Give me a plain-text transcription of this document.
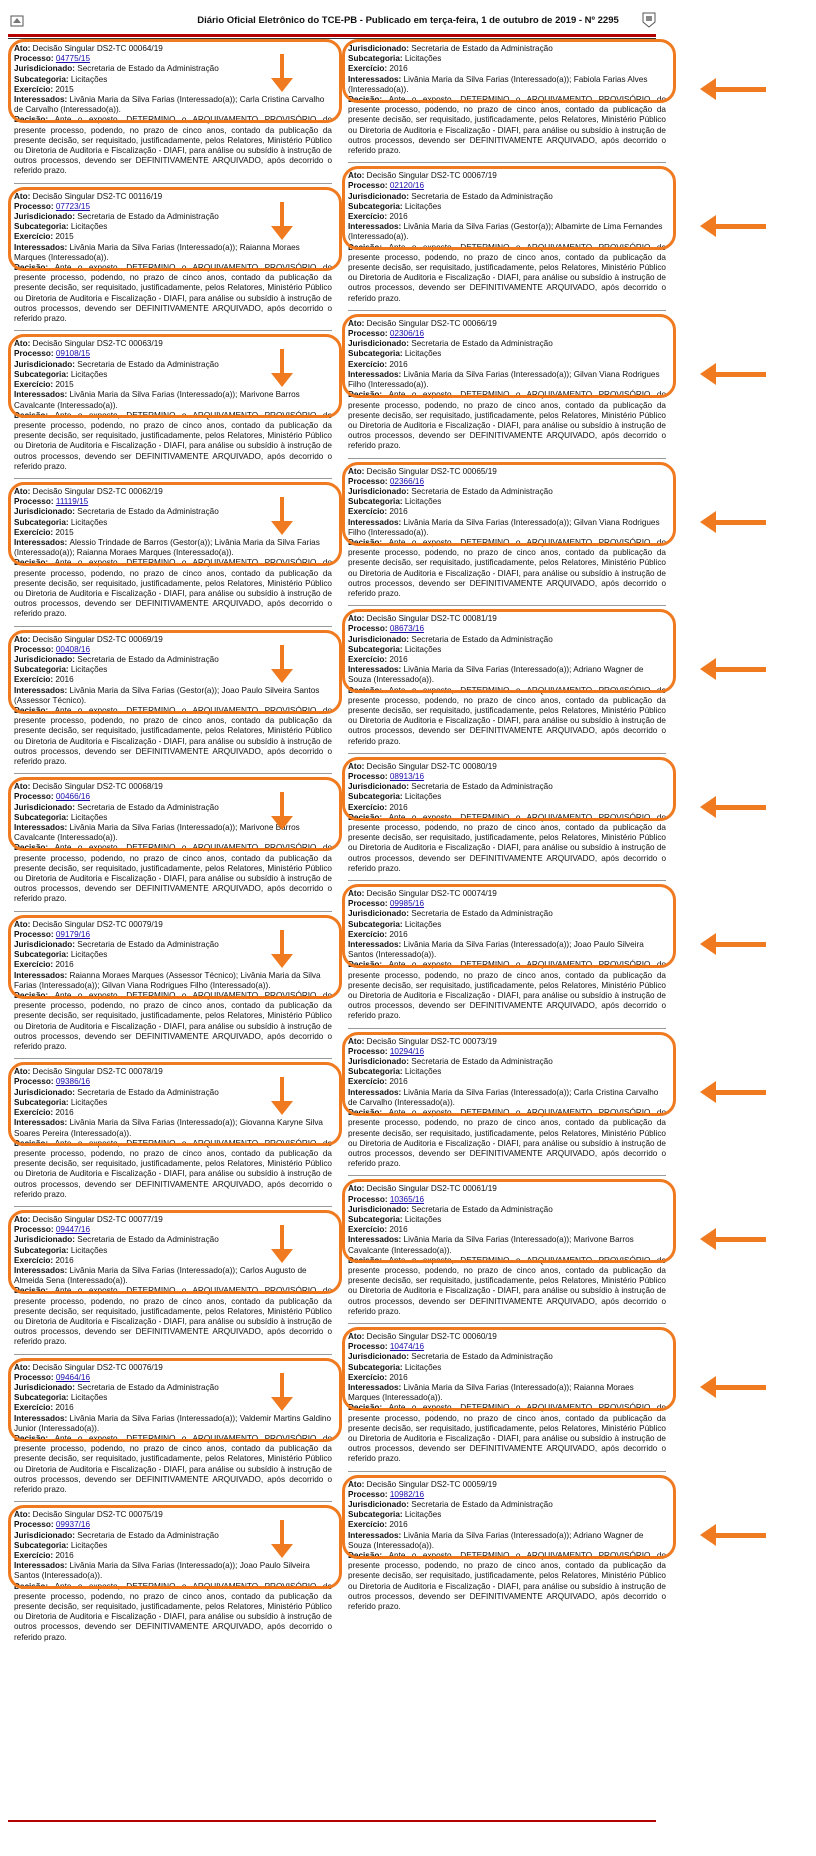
Diário Oficial Eletrônico do TCE-PB - Publicado em terça-feira, 1 de outubro de 2019 - Nº 2295
Ato: Decisão Singular DS2-TC 00064/19
Processo: 04775/15
Jurisdicionado: Secretaria de Estado da Administração
Subcategoria: Licitações
Exercício: 2015
Interessados: Livânia Maria da Silva Farias (Interessado(a)); Carla Cristina Carvalho de Carvalho (Interessado(a)).
Decisão: Ante o exposto, DETERMINO o ARQUIVAMENTO PROVISÓRIO do presente processo, podendo, no prazo de cinco anos, contado da publicação da presente decisão, ser requisitado, justificadamente, pelos Relatores, Ministério Público ou Diretoria de Auditoria e Fiscalização - DIAFI, para análise ou subsídio à instrução de outros processos, devendo ser DEFINITIVAMENTE ARQUIVADO, após decorrido o referido prazo.
Ato: Decisão Singular DS2-TC 00116/19
Processo: 07723/15
Jurisdicionado: Secretaria de Estado da Administração
Subcategoria: Licitações
Exercício: 2015
Interessados: Livânia Maria da Silva Farias (Interessado(a)); Raianna Moraes Marques (Interessado(a)).
Decisão: Ante o exposto, DETERMINO o ARQUIVAMENTO PROVISÓRIO do presente processo, podendo, no prazo de cinco anos, contado da publicação da presente decisão, ser requisitado, justificadamente, pelos Relatores, Ministério Público ou Diretoria de Auditoria e Fiscalização - DIAFI, para análise ou subsídio à instrução de outros processos, devendo ser DEFINITIVAMENTE ARQUIVADO, após decorrido o referido prazo.
Ato: Decisão Singular DS2-TC 00063/19
Processo: 09108/15
Jurisdicionado: Secretaria de Estado da Administração
Subcategoria: Licitações
Exercício: 2015
Interessados: Livânia Maria da Silva Farias (Interessado(a)); Marivone Barros Cavalcante (Interessado(a)).
Decisão: Ante o exposto, DETERMINO o ARQUIVAMENTO PROVISÓRIO do presente processo, podendo, no prazo de cinco anos, contado da publicação da presente decisão, ser requisitado, justificadamente, pelos Relatores, Ministério Público ou Diretoria de Auditoria e Fiscalização - DIAFI, para análise ou subsídio à instrução de outros processos, devendo ser DEFINITIVAMENTE ARQUIVADO, após decorrido o referido prazo.
Ato: Decisão Singular DS2-TC 00062/19
Processo: 11119/15
Jurisdicionado: Secretaria de Estado da Administração
Subcategoria: Licitações
Exercício: 2015
Interessados: Alessio Trindade de Barros (Gestor(a)); Livânia Maria da Silva Farias (Interessado(a)); Raianna Moraes Marques (Interessado(a)).
Decisão: Ante o exposto, DETERMINO o ARQUIVAMENTO PROVISÓRIO do presente processo, podendo, no prazo de cinco anos, contado da publicação da presente decisão, ser requisitado, justificadamente, pelos Relatores, Ministério Público ou Diretoria de Auditoria e Fiscalização - DIAFI, para análise ou subsídio à instrução de outros processos, devendo ser DEFINITIVAMENTE ARQUIVADO, após decorrido o referido prazo.
Ato: Decisão Singular DS2-TC 00069/19
Processo: 00408/16
Jurisdicionado: Secretaria de Estado da Administração
Subcategoria: Licitações
Exercício: 2016
Interessados: Livânia Maria da Silva Farias (Gestor(a)); Joao Paulo Silveira Santos (Assessor Técnico).
Decisão: Ante o exposto, DETERMINO o ARQUIVAMENTO PROVISÓRIO do presente processo, podendo, no prazo de cinco anos, contado da publicação da presente decisão, ser requisitado, justificadamente, pelos Relatores, Ministério Público ou Diretoria de Auditoria e Fiscalização - DIAFI, para análise ou subsídio à instrução de outros processos, devendo ser DEFINITIVAMENTE ARQUIVADO, após decorrido o referido prazo.
Ato: Decisão Singular DS2-TC 00068/19
Processo: 00466/16
Jurisdicionado: Secretaria de Estado da Administração
Subcategoria: Licitações
Interessados: Livânia Maria da Silva Farias (Interessado(a)); Marivone Barros Cavalcante (Interessado(a)).
Decisão: Ante o exposto, DETERMINO o ARQUIVAMENTO PROVISÓRIO do presente processo, podendo, no prazo de cinco anos, contado da publicação da presente decisão, ser requisitado, justificadamente, pelos Relatores, Ministério Público ou Diretoria de Auditoria e Fiscalização - DIAFI, para análise ou subsídio à instrução de outros processos, devendo ser DEFINITIVAMENTE ARQUIVADO, após decorrido o referido prazo.
Ato: Decisão Singular DS2-TC 00079/19
Processo: 09179/16
Jurisdicionado: Secretaria de Estado da Administração
Subcategoria: Licitações
Exercício: 2016
Interessados: Raianna Moraes Marques (Assessor Técnico); Livânia Maria da Silva Farias (Interessado(a)); Gilvan Viana Rodrigues Filho (Interessado(a)).
Decisão: Ante o exposto, DETERMINO o ARQUIVAMENTO PROVISÓRIO do presente processo, podendo, no prazo de cinco anos, contado da publicação da presente decisão, ser requisitado, justificadamente, pelos Relatores, Ministério Público ou Diretoria de Auditoria e Fiscalização - DIAFI, para análise ou subsídio à instrução de outros processos, devendo ser DEFINITIVAMENTE ARQUIVADO, após decorrido o referido prazo.
Ato: Decisão Singular DS2-TC 00078/19
Processo: 09386/16
Jurisdicionado: Secretaria de Estado da Administração
Subcategoria: Licitações
Exercício: 2016
Interessados: Livânia Maria da Silva Farias (Interessado(a)); Giovanna Karyne Silva Soares Pereira (Interessado(a)).
Decisão: Ante o exposto, DETERMINO o ARQUIVAMENTO PROVISÓRIO do presente processo, podendo, no prazo de cinco anos, contado da publicação da presente decisão, ser requisitado, justificadamente, pelos Relatores, Ministério Público ou Diretoria de Auditoria e Fiscalização - DIAFI, para análise ou subsídio à instrução de outros processos, devendo ser DEFINITIVAMENTE ARQUIVADO, após decorrido o referido prazo.
Ato: Decisão Singular DS2-TC 00077/19
Processo: 09447/16
Jurisdicionado: Secretaria de Estado da Administração
Subcategoria: Licitações
Exercício: 2016
Interessados: Livânia Maria da Silva Farias (Interessado(a)); Carlos Augusto de Almeida Sena (Interessado(a)).
Decisão: Ante o exposto, DETERMINO o ARQUIVAMENTO PROVISÓRIO do presente processo, podendo, no prazo de cinco anos, contado da publicação da presente decisão, ser requisitado, justificadamente, pelos Relatores, Ministério Público ou Diretoria de Auditoria e Fiscalização - DIAFI, para análise ou subsídio à instrução de outros processos, devendo ser DEFINITIVAMENTE ARQUIVADO, após decorrido o referido prazo.
Ato: Decisão Singular DS2-TC 00076/19
Processo: 09464/16
Jurisdicionado: Secretaria de Estado da Administração
Subcategoria: Licitações
Exercício: 2016
Interessados: Livânia Maria da Silva Farias (Interessado(a)); Valdemir Martins Galdino Junior (Interessado(a)).
Decisão: Ante o exposto, DETERMINO o ARQUIVAMENTO PROVISÓRIO do presente processo, podendo, no prazo de cinco anos, contado da publicação da presente decisão, ser requisitado, justificadamente, pelos Relatores, Ministério Público ou Diretoria de Auditoria e Fiscalização - DIAFI, para análise ou subsídio à instrução de outros processos, devendo ser DEFINITIVAMENTE ARQUIVADO, após decorrido o referido prazo.
Ato: Decisão Singular DS2-TC 00075/19
Processo: 09937/16
Jurisdicionado: Secretaria de Estado da Administração
Subcategoria: Licitações
Exercício: 2016
Interessados: Livânia Maria da Silva Farias (Interessado(a)); Joao Paulo Silveira Santos (Interessado(a)).
Decisão: Ante o exposto, DETERMINO o ARQUIVAMENTO PROVISÓRIO do presente processo, podendo, no prazo de cinco anos, contado da publicação da presente decisão, ser requisitado, justificadamente, pelos Relatores, Ministério Público ou Diretoria de Auditoria e Fiscalização - DIAFI, para análise ou subsídio à instrução de outros processos, devendo ser DEFINITIVAMENTE ARQUIVADO, após decorrido o referido prazo.
Jurisdicionado: Secretaria de Estado da Administração
Subcategoria: Licitações
Exercício: 2016
Interessados: Livânia Maria da Silva Farias (Interessado(a)); Fabiola Farias Alves (Interessado(a)).
Decisão: Ante o exposto, DETERMINO o ARQUIVAMENTO PROVISÓRIO do presente processo, podendo, no prazo de cinco anos, contado da publicação da presente decisão, ser requisitado, justificadamente, pelos Relatores, Ministério Público ou Diretoria de Auditoria e Fiscalização - DIAFI, para análise ou subsídio à instrução de outros processos, devendo ser DEFINITIVAMENTE ARQUIVADO, após decorrido o referido prazo.
Ato: Decisão Singular DS2-TC 00067/19
Processo: 02120/16
Jurisdicionado: Secretaria de Estado da Administração
Subcategoria: Licitações
Exercício: 2016
Interessados: Livânia Maria da Silva Farias (Gestor(a)); Albamirte de Lima Fernandes (Interessado(a)).
Decisão: Ante o exposto, DETERMINO o ARQUIVAMENTO PROVISÓRIO do presente processo, podendo, no prazo de cinco anos, contado da publicação da presente decisão, ser requisitado, justificadamente, pelos Relatores, Ministério Público ou Diretoria de Auditoria e Fiscalização - DIAFI, para análise ou subsídio à instrução de outros processos, devendo ser DEFINITIVAMENTE ARQUIVADO, após decorrido o referido prazo.
Ato: Decisão Singular DS2-TC 00066/19
Processo: 02306/16
Jurisdicionado: Secretaria de Estado da Administração
Subcategoria: Licitações
Exercício: 2016
Interessados: Livânia Maria da Silva Farias (Interessado(a)); Gilvan Viana Rodrigues Filho (Interessado(a)).
Decisão: Ante o exposto, DETERMINO o ARQUIVAMENTO PROVISÓRIO do presente processo, podendo, no prazo de cinco anos, contado da publicação da presente decisão, ser requisitado, justificadamente, pelos Relatores, Ministério Público ou Diretoria de Auditoria e Fiscalização - DIAFI, para análise ou subsídio à instrução de outros processos, devendo ser DEFINITIVAMENTE ARQUIVADO, após decorrido o referido prazo.
Ato: Decisão Singular DS2-TC 00065/19
Processo: 02366/16
Jurisdicionado: Secretaria de Estado da Administração
Subcategoria: Licitações
Exercício: 2016
Interessados: Livânia Maria da Silva Farias (Interessado(a)); Gilvan Viana Rodrigues Filho (Interessado(a)).
Decisão: Ante o exposto, DETERMINO o ARQUIVAMENTO PROVISÓRIO do presente processo, podendo, no prazo de cinco anos, contado da publicação da presente decisão, ser requisitado, justificadamente, pelos Relatores, Ministério Público ou Diretoria de Auditoria e Fiscalização - DIAFI, para análise ou subsídio à instrução de outros processos, devendo ser DEFINITIVAMENTE ARQUIVADO, após decorrido o referido prazo.
Ato: Decisão Singular DS2-TC 00081/19
Processo: 08673/16
Jurisdicionado: Secretaria de Estado da Administração
Subcategoria: Licitações
Exercício: 2016
Interessados: Livânia Maria da Silva Farias (Interessado(a)); Adriano Wagner de Souza (Interessado(a)).
Decisão: Ante o exposto, DETERMINO o ARQUIVAMENTO PROVISÓRIO do presente processo, podendo, no prazo de cinco anos, contado da publicação da presente decisão, ser requisitado, justificadamente, pelos Relatores, Ministério Público ou Diretoria de Auditoria e Fiscalização - DIAFI, para análise ou subsídio à instrução de outros processos, devendo ser DEFINITIVAMENTE ARQUIVADO, após decorrido o referido prazo.
Ato: Decisão Singular DS2-TC 00080/19
Processo: 08913/16
Jurisdicionado: Secretaria de Estado da Administração
Subcategoria: Licitações
Exercício: 2016
Decisão: Ante o exposto, DETERMINO o ARQUIVAMENTO PROVISÓRIO do presente processo, podendo, no prazo de cinco anos, contado da publicação da presente decisão, ser requisitado, justificadamente, pelos Relatores, Ministério Público ou Diretoria de Auditoria e Fiscalização - DIAFI, para análise ou subsídio à instrução de outros processos, devendo ser DEFINITIVAMENTE ARQUIVADO, após decorrido o referido prazo.
Ato: Decisão Singular DS2-TC 00074/19
Processo: 09985/16
Jurisdicionado: Secretaria de Estado da Administração
Subcategoria: Licitações
Exercício: 2016
Interessados: Livânia Maria da Silva Farias (Interessado(a)); Joao Paulo Silveira Santos (Interessado(a)).
Decisão: Ante o exposto, DETERMINO o ARQUIVAMENTO PROVISÓRIO do presente processo, podendo, no prazo de cinco anos, contado da publicação da presente decisão, ser requisitado, justificadamente, pelos Relatores, Ministério Público ou Diretoria de Auditoria e Fiscalização - DIAFI, para análise ou subsídio à instrução de outros processos, devendo ser DEFINITIVAMENTE ARQUIVADO, após decorrido o referido prazo.
Ato: Decisão Singular DS2-TC 00073/19
Processo: 10294/16
Jurisdicionado: Secretaria de Estado da Administração
Subcategoria: Licitações
Exercício: 2016
Interessados: Livânia Maria da Silva Farias (Interessado(a)); Carla Cristina Carvalho de Carvalho (Interessado(a)).
Decisão: Ante o exposto, DETERMINO o ARQUIVAMENTO PROVISÓRIO do presente processo, podendo, no prazo de cinco anos, contado da publicação da presente decisão, ser requisitado, justificadamente, pelos Relatores, Ministério Público ou Diretoria de Auditoria e Fiscalização - DIAFI, para análise ou subsídio à instrução de outros processos, devendo ser DEFINITIVAMENTE ARQUIVADO, após decorrido o referido prazo.
Ato: Decisão Singular DS2-TC 00061/19
Processo: 10365/16
Jurisdicionado: Secretaria de Estado da Administração
Subcategoria: Licitações
Exercício: 2016
Interessados: Livânia Maria da Silva Farias (Interessado(a)); Marivone Barros Cavalcante (Interessado(a)).
Decisão: Ante o exposto, DETERMINO o ARQUIVAMENTO PROVISÓRIO do presente processo, podendo, no prazo de cinco anos, contado da publicação da presente decisão, ser requisitado, justificadamente, pelos Relatores, Ministério Público ou Diretoria de Auditoria e Fiscalização - DIAFI, para análise ou subsídio à instrução de outros processos, devendo ser DEFINITIVAMENTE ARQUIVADO, após decorrido o referido prazo.
Ato: Decisão Singular DS2-TC 00060/19
Processo: 10474/16
Jurisdicionado: Secretaria de Estado da Administração
Subcategoria: Licitações
Exercício: 2016
Interessados: Livânia Maria da Silva Farias (Interessado(a)); Raianna Moraes Marques (Interessado(a)).
Decisão: Ante o exposto, DETERMINO o ARQUIVAMENTO PROVISÓRIO do presente processo, podendo, no prazo de cinco anos, contado da publicação da presente decisão, ser requisitado, justificadamente, pelos Relatores, Ministério Público ou Diretoria de Auditoria e Fiscalização - DIAFI, para análise ou subsídio à instrução de outros processos, devendo ser DEFINITIVAMENTE ARQUIVADO, após decorrido o referido prazo.
Ato: Decisão Singular DS2-TC 00059/19
Processo: 10982/16
Jurisdicionado: Secretaria de Estado da Administração
Subcategoria: Licitações
Exercício: 2016
Interessados: Livânia Maria da Silva Farias (Interessado(a)); Adriano Wagner de Souza (Interessado(a)).
Decisão: Ante o exposto, DETERMINO o ARQUIVAMENTO PROVISÓRIO do presente processo, podendo, no prazo de cinco anos, contado da publicação da presente decisão, ser requisitado, justificadamente, pelos Relatores, Ministério Público ou Diretoria de Auditoria e Fiscalização - DIAFI, para análise ou subsídio à instrução de outros processos, devendo ser DEFINITIVAMENTE ARQUIVADO, após decorrido o referido prazo.
